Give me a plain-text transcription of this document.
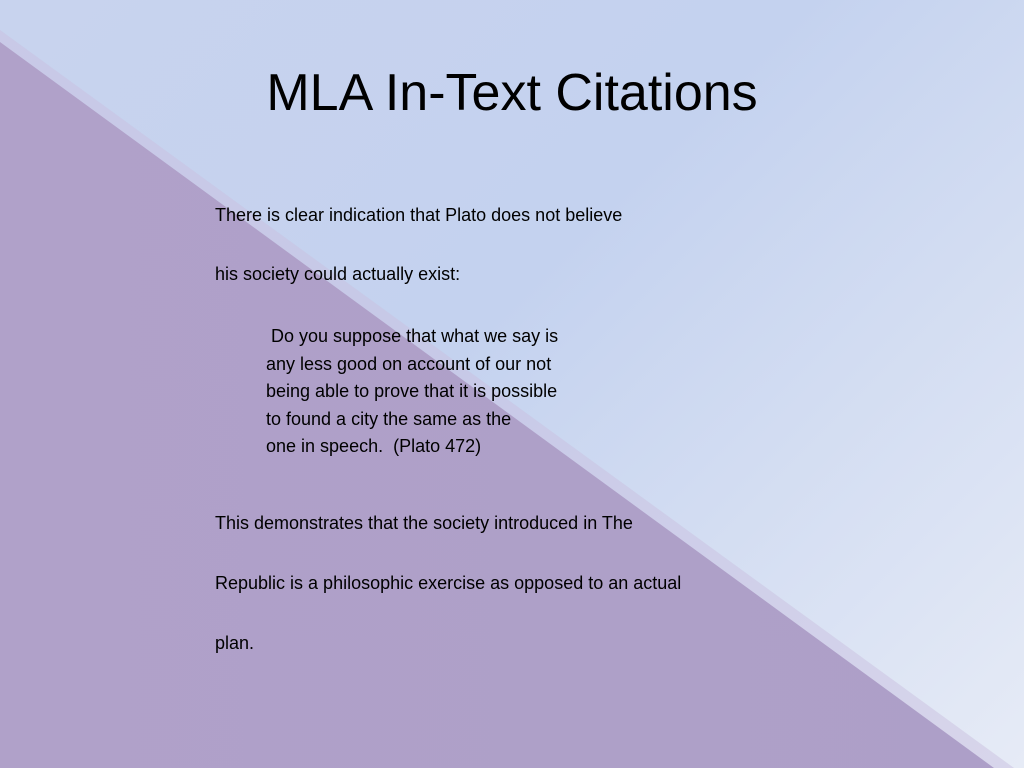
MLA In-Text Citations
There is clear indication that Plato does not believe
his society could actually exist:
Do you suppose that what we say is
any less good on account of our not
being able to prove that it is possible
to found a city the same as the
one in speech.  (Plato 472)
This demonstrates that the society introduced in The
Republic is a philosophic exercise as opposed to an actual
plan.
